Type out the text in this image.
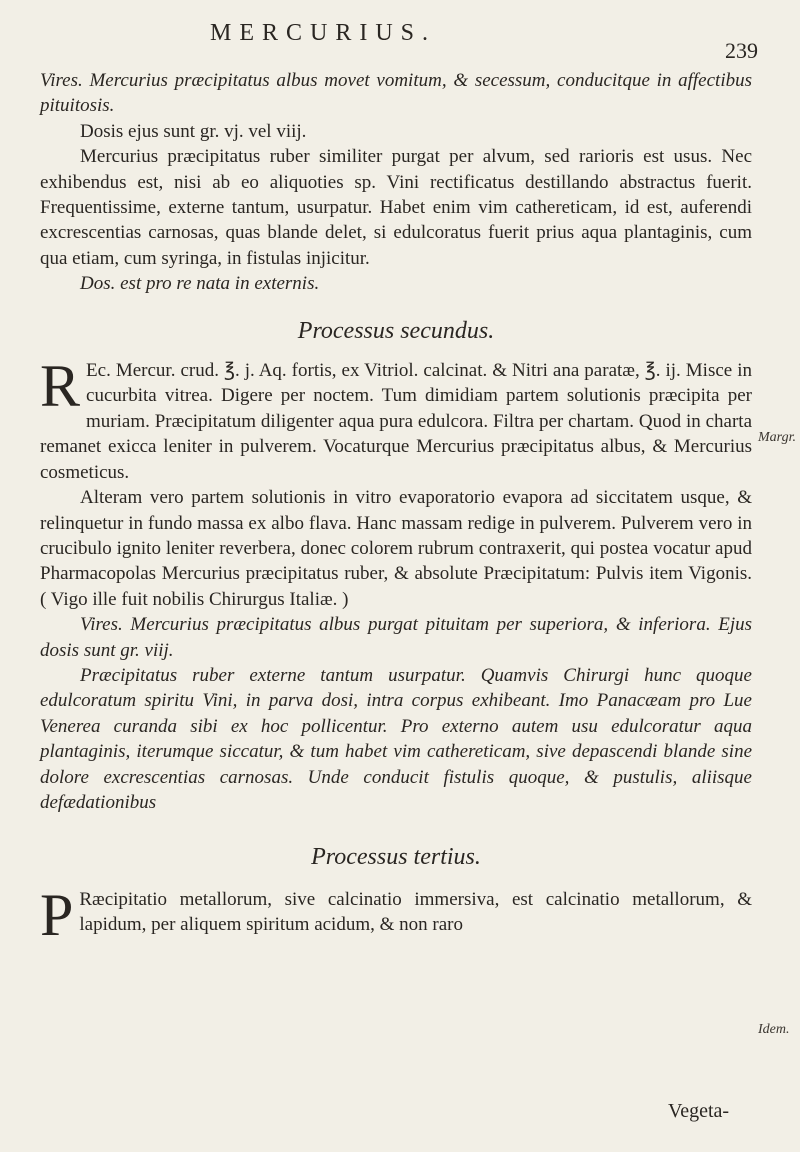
MERCURIUS.
239

Vires. Mercurius præcipitatus albus movet vomitum, & secessum, conducitque in affectibus pituitosis.

Dosis ejus sunt gr. vj. vel viij.

Mercurius præcipitatus ruber similiter purgat per alvum, sed rarioris est usus. Nec exhibendus est, nisi ab eo aliquoties sp. Vini rectificatus destillando abstractus fuerit. Frequentissime, externe tantum, usurpatur. Habet enim vim cathereticam, id est, auferendi excrescentias carnosas, quas blande delet, si edulcoratus fuerit prius aqua plantaginis, cum qua etiam, cum syringa, in fistulas injicitur.

Dos. est pro re nata in externis.

Processus secundus.

R Ec. Mercur. crud. ℥. j. Aq. fortis, ex Vitriol. calcinat. & Nitri ana paratæ, ℥. ij. Misce in cucurbita vitrea. Digere per noctem. Tum dimidiam partem solutionis præcipita per muriam. Præcipitatum diligenter aqua pura edulcora. Filtra per chartam. Quod in charta remanet exicca leniter in pulverem. Vocaturque Mercurius præcipitatus albus, & Mercurius cosmeticus.

Alteram vero partem solutionis in vitro evaporatorio evapora ad siccitatem usque, & relinquetur in fundo massa ex albo flava. Hanc massam redige in pulverem. Pulverem vero in crucibulo ignito leniter reverbera, donec colorem rubrum contraxerit, qui postea vocatur apud Pharmacopolas Mercurius præcipitatus ruber, & absolute Præcipitatum: Pulvis item Vigonis. ( Vigo ille fuit nobilis Chirurgus Italiæ. )

Vires. Mercurius præcipitatus albus purgat pituitam per superiora, & inferiora. Ejus dosis sunt gr. viij.

Præcipitatus ruber externe tantum usurpatur. Quamvis Chirurgi hunc quoque edulcoratum spiritu Vini, in parva dosi, intra corpus exhibeant. Imo Panacæam pro Lue Venerea curanda sibi ex hoc pollicentur. Pro externo autem usu edulcoratur aqua plantaginis, iterumque siccatur, & tum habet vim cathereticam, sive depascendi blande sine dolore excrescentias carnosas. Unde conducit fistulis quoque, & pustulis, aliisque defædationibus

Processus tertius.

P Ræcipitatio metallorum, sive calcinatio immersiva, est calcinatio metallorum, & lapidum, per aliquem spiritum acidum, & non raro

Margr.
Idem.
Vegeta-
